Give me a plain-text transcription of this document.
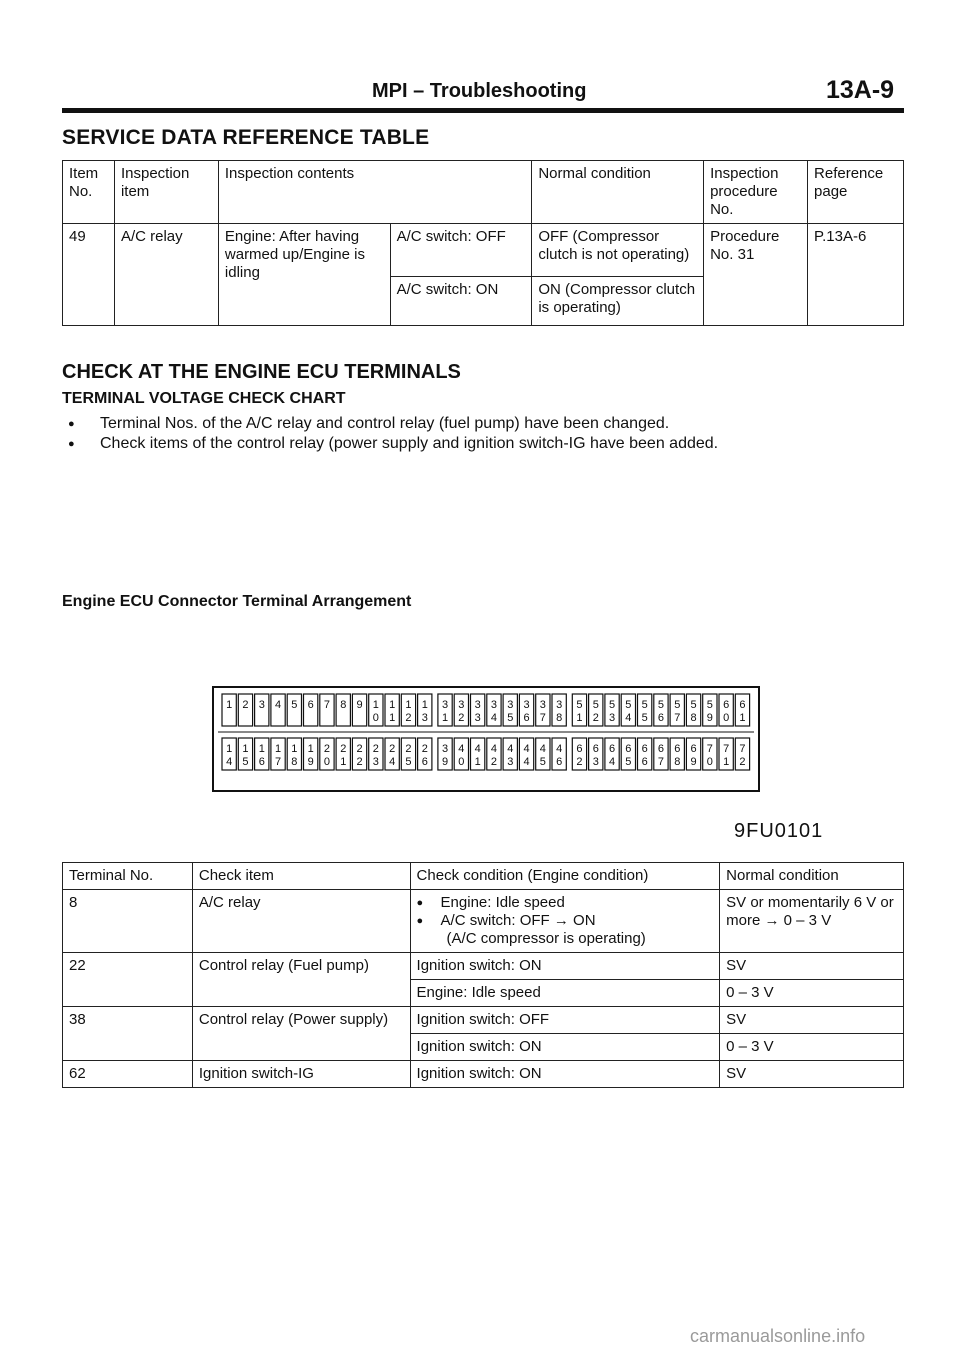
MPI – Troubleshooting	13A-9
SERVICE DATA REFERENCE TABLE
Item No.	Inspection item	Inspection contents		Normal condition	Inspection procedure No.	Reference page
49	A/C relay	Engine: After having warmed up/Engine is idling	A/C switch: OFF	OFF (Compressor clutch is not operating)	Procedure No. 31	P.13A-6
			A/C switch: ON	ON (Compressor clutch is operating)		
CHECK AT THE ENGINE ECU TERMINALS
TERMINAL VOLTAGE CHECK CHART
●	Terminal Nos. of the A/C relay and control relay (fuel pump) have been changed.
●	Check items of the control relay (power supply and ignition switch-IG have been added.
Engine ECU Connector Terminal Arrangement
1 2 3 4 5 6 7 8 9 1
0
1
1
1
2
1
3
3
1
3
2
3
3
3
4
3
5
3
6
3
7
3
8
5
1
5
2
5
3
5
4
5
5
5
6
5
7
5
8
5
9
6
0
6
1
1
4
1
5
1
6
1
7
1
8
1
9
2
0
2
1
2
2
2
3
2
4
2
5
2
6
3
9
4
0
4
1
4
2
4
3
4
4
4
5
4
6
6
2
6
3
6
4
6
5
6
6
6
7
6
8
6
9
7
0
7
1
7
2
9FU0101
Terminal No.	Check item	Check condition (Engine condition)	Normal condition
8	A/C relay	● Engine: Idle speed
● A/C switch: OFF → ON
(A/C compressor is operating)	SV or momentarily 6 V or more → 0 – 3 V
22	Control relay (Fuel pump)	Ignition switch: ON	SV
		Engine: Idle speed	0 – 3 V
38	Control relay (Power supply)	Ignition switch: OFF	SV
		Ignition switch: ON	0 – 3 V
62	Ignition switch-IG	Ignition switch: ON	SV
carmanualsonline.info
